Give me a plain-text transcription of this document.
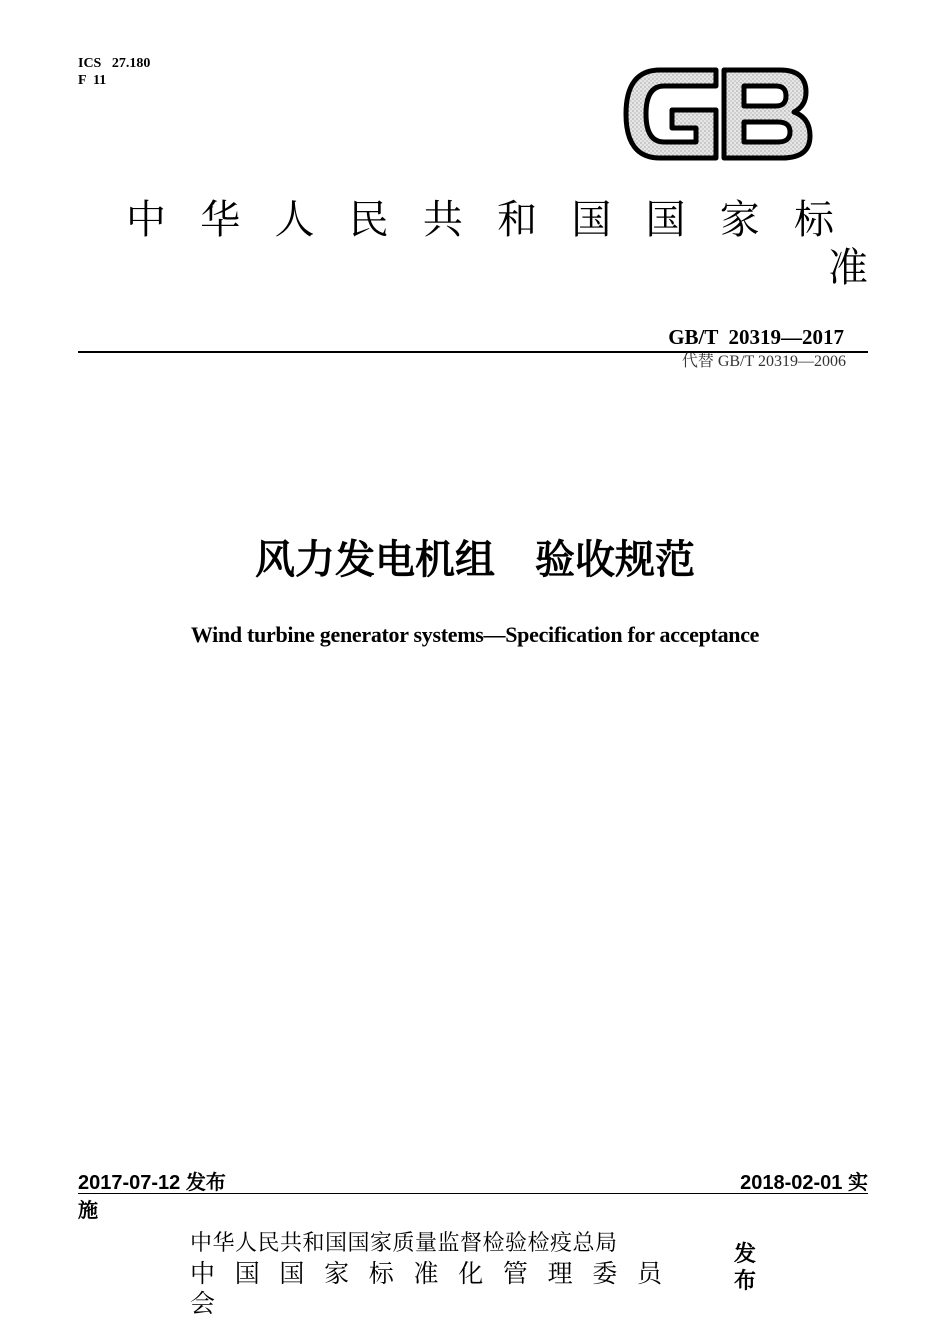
ICS   27.180
F  11
中华人民共和国国家标
准
GB/T  20319—2017
代替 GB/T 20319—2006
风力发电机组　验收规范
Wind turbine generator systems—Specification for acceptance
2017-07-12 发布	2018-02-01 实
施
中华人民共和国国家质量监督检验检疫总局
中国国家标准化管理委员
会
发布
